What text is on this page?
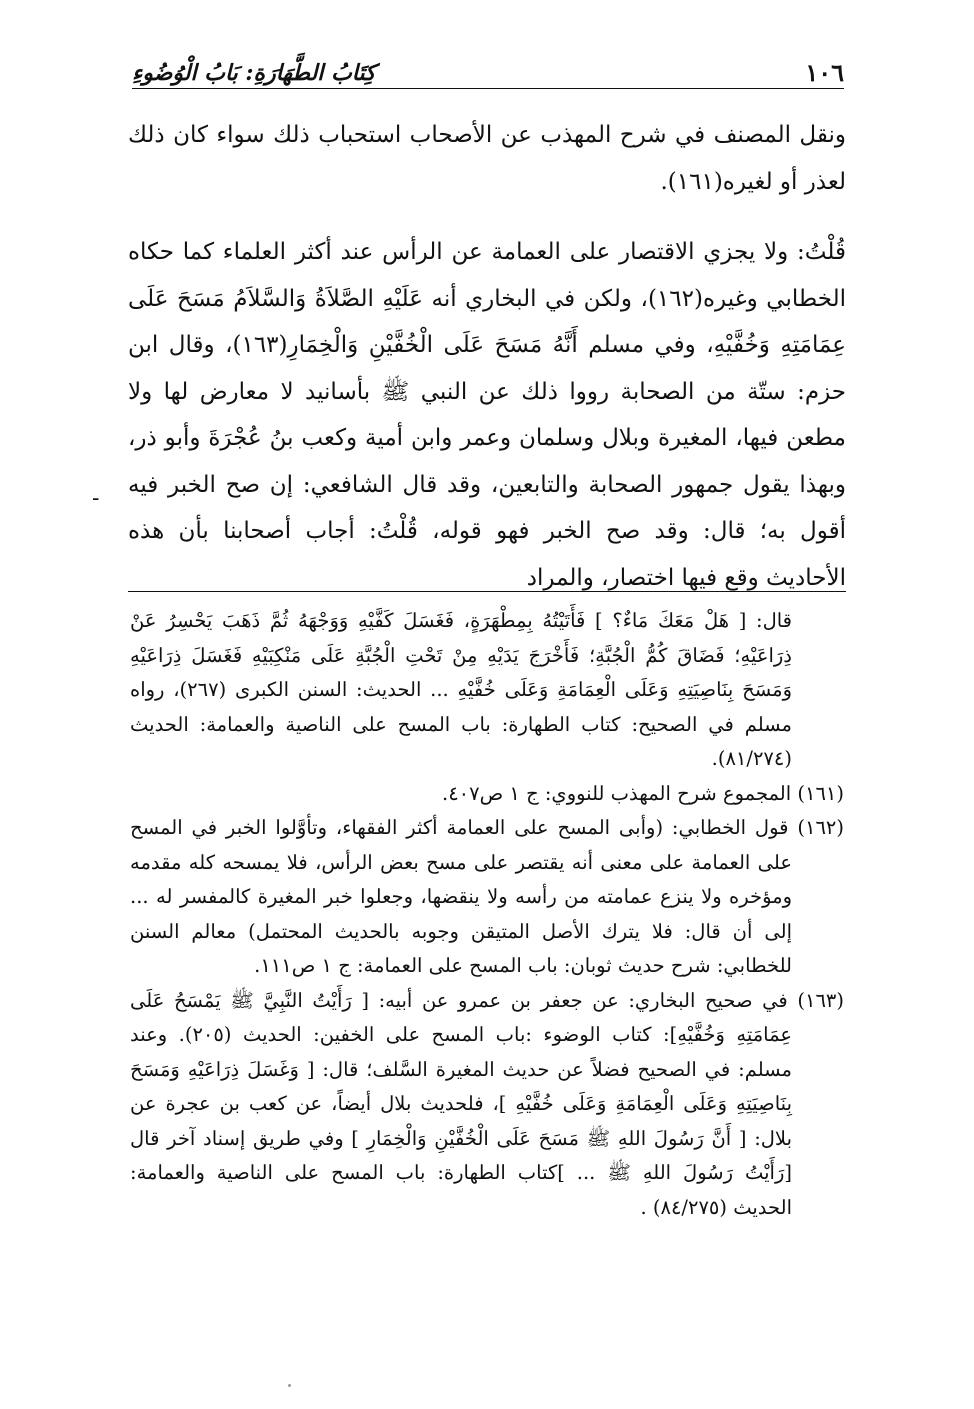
١٠٦
كِتَابُ الطَّهَارَةِ: بَابُ الْوُضُوءِ

ونقل المصنف في شرح المهذب عن الأصحاب استحباب ذلك سواء كان ذلك لعذر أو لغيره(١٦١).

قُلْتُ: ولا يجزي الاقتصار على العمامة عن الرأس عند أكثر العلماء كما حكاه الخطابي وغيره(١٦٢)، ولكن في البخاري أنه عَلَيْهِ الصَّلاَةُ وَالسَّلاَمُ مَسَحَ عَلَى عِمَامَتِهِ وَخُفَّيْهِ، وفي مسلم أَنَّهُ مَسَحَ عَلَى الْخُفَّيْنِ وَالْخِمَارِ(١٦٣)، وقال ابن حزم: ستّة من الصحابة رووا ذلك عن النبي ﷺ بأسانيد لا معارض لها ولا مطعن فيها، المغيرة وبلال وسلمان وعمر وابن أمية وكعب بنُ عُجْرَةَ وأبو ذر، وبهذا يقول جمهور الصحابة والتابعين، وقد قال الشافعي: إن صح الخبر فيه أقول به؛ قال: وقد صح الخبر فهو قوله، قُلْتُ: أجاب أصحابنا بأن هذه الأحاديث وقع فيها اختصار، والمراد

-

قال: [ هَلْ مَعَكَ مَاءٌ؟ ] فَأَتَيْتُهُ بِمِطْهَرَةٍ، فَغَسَلَ كَفَّيْهِ وَوَجْهَهُ ثُمَّ ذَهَبَ يَحْسِرُ عَنْ ذِرَاعَيْهِ؛ فَضَاقَ كُمُّ الْجُبَّةِ؛ فَأَخْرَجَ يَدَيْهِ مِنْ تَحْتِ الْجُبَّةِ عَلَى مَنْكِبَيْهِ فَغَسَلَ ذِرَاعَيْهِ وَمَسَحَ بِنَاصِيَتِهِ وَعَلَى الْعِمَامَةِ وَعَلَى خُفَّيْهِ ... الحديث: السنن الكبرى (٢٦٧)، رواه مسلم في الصحيح: كتاب الطهارة: باب المسح على الناصية والعمامة: الحديث (٨١/٢٧٤).

(١٦١) المجموع شرح المهذب للنووي: ج ١ ص٤٠٧.

(١٦٢) قول الخطابي: (وأبى المسح على العمامة أكثر الفقهاء، وتأوَّلوا الخبر في المسح على العمامة على معنى أنه يقتصر على مسح بعض الرأس، فلا يمسحه كله مقدمه ومؤخره ولا ينزع عمامته من رأسه ولا ينقضها، وجعلوا خبر المغيرة كالمفسر له ... إلى أن قال: فلا يترك الأصل المتيقن وجوبه بالحديث المحتمل) معالم السنن للخطابي: شرح حديث ثوبان: باب المسح على العمامة: ج ١ ص١١١.

(١٦٣) في صحيح البخاري: عن جعفر بن عمرو عن أبيه: [ رَأَيْتُ النَّبِيَّ ﷺ يَمْسَحُ عَلَى عِمَامَتِهِ وَخُفَّيْهِ]: كتاب الوضوء :باب المسح على الخفين: الحديث (٢٠٥). وعند مسلم: في الصحيح فضلاً عن حديث المغيرة السَّلف؛ قال: [ وَغَسَلَ ذِرَاعَيْهِ وَمَسَحَ بِنَاصِيَتِهِ وَعَلَى الْعِمَامَةِ وَعَلَى خُفَّيْهِ ]، فلحديث بلال أيضاً، عن كعب بن عجرة عن بلال: [ أَنَّ رَسُولَ اللهِ ﷺ مَسَحَ عَلَى الْخُفَّيْنِ وَالْخِمَارِ ] وفي طريق إسناد آخر قال [رَأَيْتُ رَسُولَ اللهِ ﷺ ... ]كتاب الطهارة: باب المسح على الناصية والعمامة: الحديث (٨٤/٢٧٥) .
